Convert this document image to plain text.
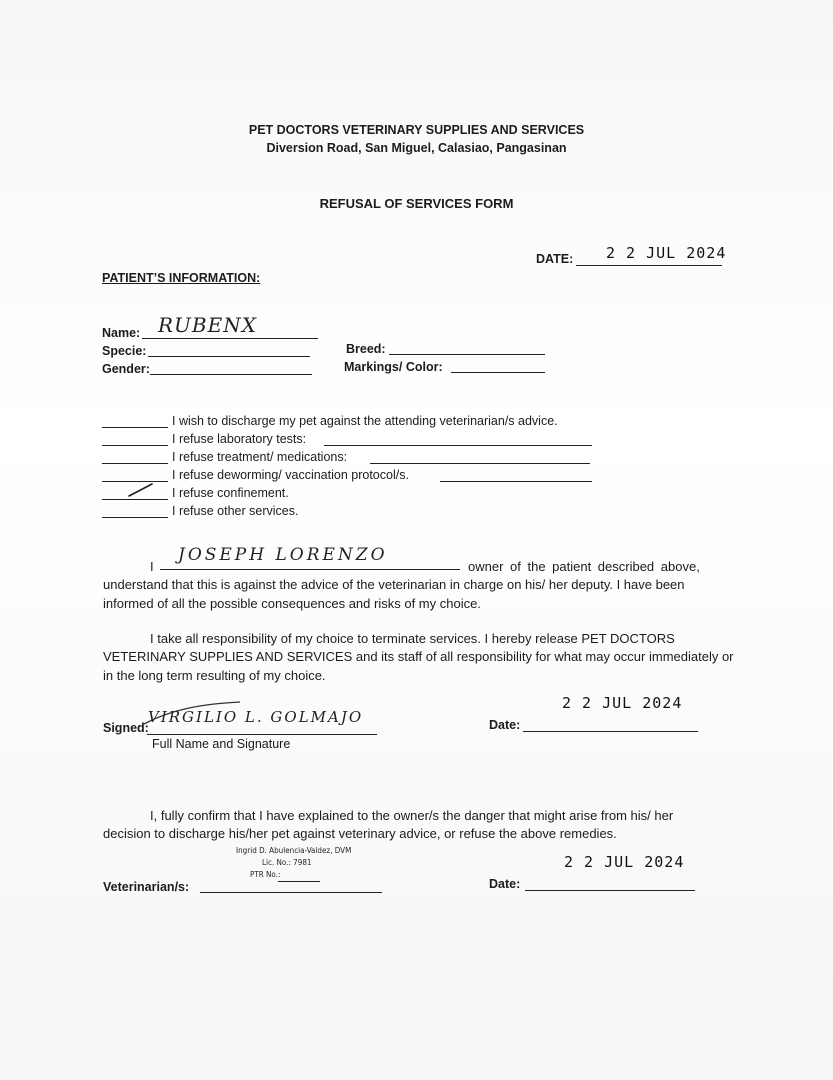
PET DOCTORS VETERINARY SUPPLIES AND SERVICES
Diversion Road, San Miguel, Calasiao, Pangasinan
REFUSAL OF SERVICES FORM
DATE: 2 2 JUL 2024
PATIENT’S INFORMATION:
Name: RUBENX
Specie:
Gender:
Breed:
Markings/ Color:
I wish to discharge my pet against the attending veterinarian/s advice.
I refuse laboratory tests:
I refuse treatment/ medications:
I refuse deworming/ vaccination protocol/s.
I refuse confinement.
I refuse other services.
I
JOSEPH LORENZO
owner of the patient described above,
understand that this is against the advice of the veterinarian in charge on his/ her deputy. I have been
informed of all the possible consequences and risks of my choice.
I take all responsibility of my choice to terminate services. I hereby release PET DOCTORS
VETERINARY SUPPLIES AND SERVICES and its staff of all responsibility for what may occur immediately or
in the long term resulting of my choice.
Signed:
VIRGILIO L. GOLMAJO
Full Name and Signature
2 2 JUL 2024
Date:
I, fully confirm that I have explained to the owner/s the danger that might arise from his/ her
decision to discharge his/her pet against veterinary advice, or refuse the above remedies.
Ingrid D. Abulencia-Valdez, DVM
Lic. No.: 7981
PTR No.:
Veterinarian/s:
2 2 JUL 2024
Date:
